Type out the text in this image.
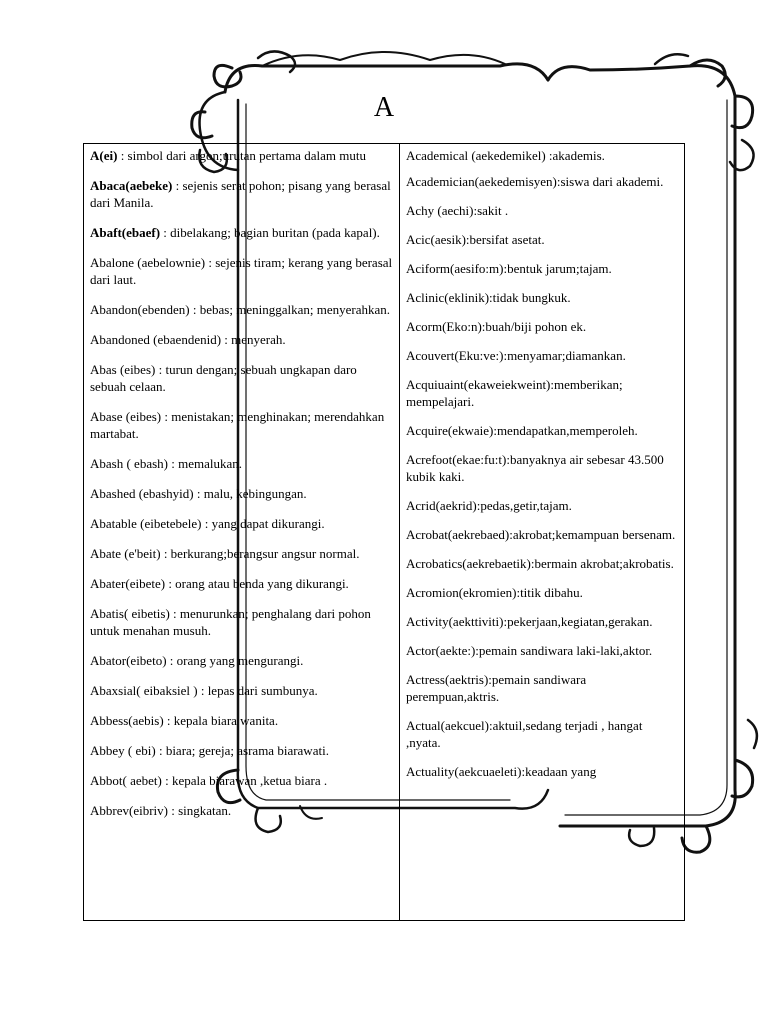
A

A(ei) : simbol dari argon;urutan pertama dalam mutu

Abaca(aebeke) : sejenis serat pohon; pisang yang berasal dari Manila.

Abaft(ebaef) : dibelakang; bagian buritan (pada kapal).

Abalone (aebelownie) : sejenis tiram; kerang yang berasal dari laut.

Abandon(ebenden) : bebas; meninggalkan; menyerahkan.

Abandoned (ebaendenid) : menyerah.

Abas (eibes) : turun dengan; sebuah ungkapan daro sebuah celaan.

Abase (eibes) : menistakan; menghinakan; merendahkan martabat.

Abash ( ebash) : memalukan.

Abashed (ebashyid) : malu, kebingungan.

Abatable (eibetebele) : yang dapat dikurangi.

Abate (e'beit) : berkurang;berangsur angsur normal.

Abater(eibete) : orang atau benda yang dikurangi.

Abatis( eibetis) : menurunkan; penghalang dari pohon untuk menahan musuh.

Abator(eibeto) : orang yang mengurangi.

Abaxsial( eibaksiel ) : lepas dari sumbunya.

Abbess(aebis) : kepala biara wanita.

Abbey ( ebi) : biara; gereja; asrama biarawati.

Abbot( aebet) : kepala biarawan ,ketua biara .

Abbrev(eibriv) : singkatan.

Academical (aekedemikel) :akademis.

Academician(aekedemisyen):siswa dari akademi.

Achy (aechi):sakit .

Acic(aesik):bersifat asetat.

Aciform(aesifo:m):bentuk jarum;tajam.

Aclinic(eklinik):tidak bungkuk.

Acorm(Eko:n):buah/biji pohon ek.

Acouvert(Eku:ve:):menyamar;diamankan.

Acquiuaint(ekaweiekweint):memberikan; mempelajari.

Acquire(ekwaie):mendapatkan,memperoleh.

Acrefoot(ekae:fu:t):banyaknya air sebesar 43.500 kubik kaki.

Acrid(aekrid):pedas,getir,tajam.

Acrobat(aekrebaed):akrobat;kemampuan bersenam.

Acrobatics(aekrebaetik):bermain akrobat;akrobatis.

Acromion(ekromien):titik dibahu.

Activity(aekttiviti):pekerjaan,kegiatan,gerakan.

Actor(aekte:):pemain sandiwara laki-laki,aktor.

Actress(aektris):pemain sandiwara perempuan,aktris.

Actual(aekcuel):aktuil,sedang terjadi , hangat ,nyata.

Actuality(aekcuaeleti):keadaan yang
